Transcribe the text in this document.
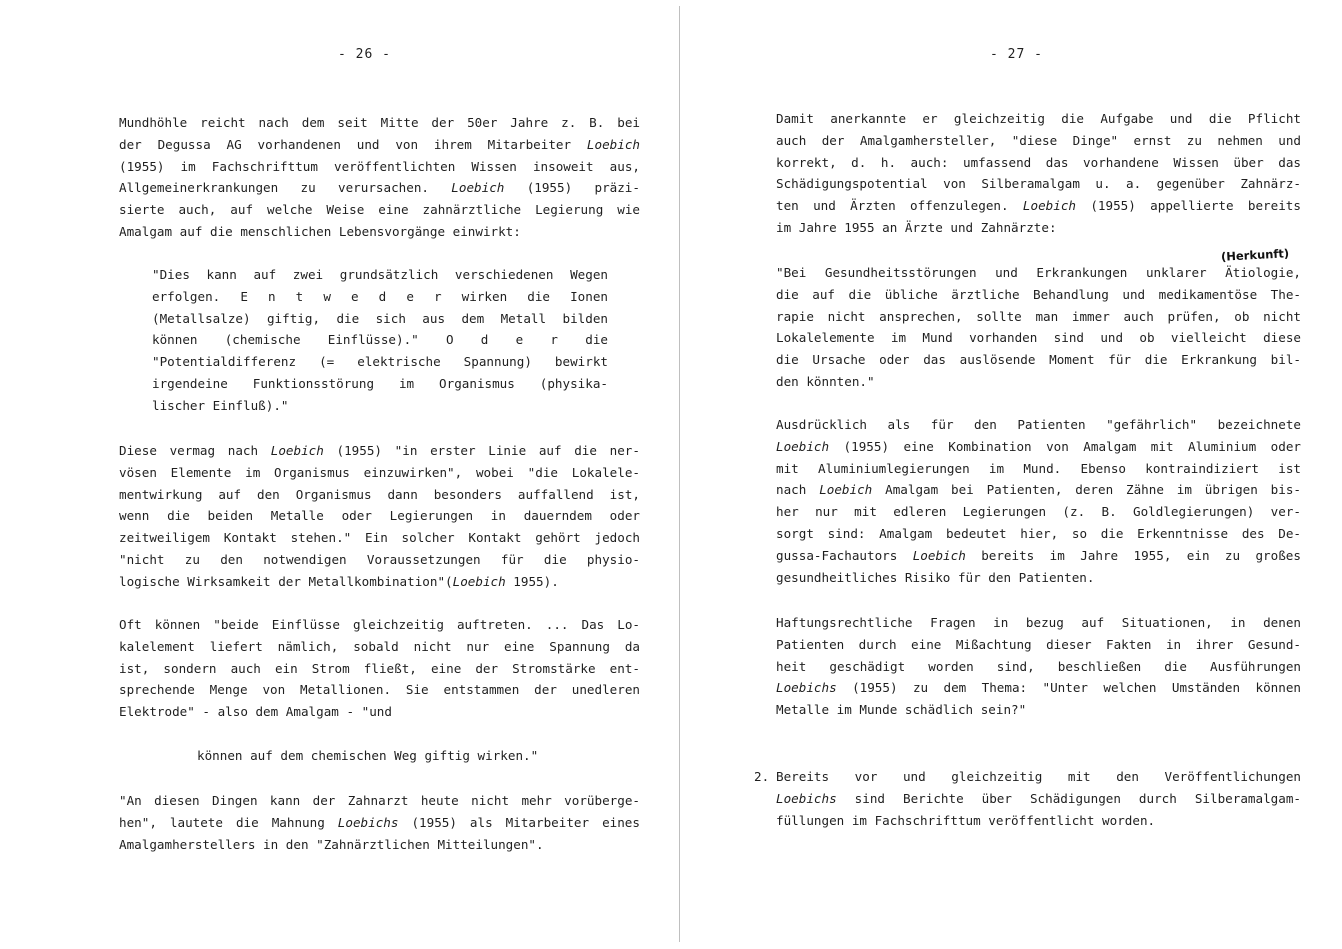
- 26 -
Mundhöhle reicht nach dem seit Mitte der 50er Jahre z. B. bei
der Degussa AG vorhandenen und von ihrem Mitarbeiter Loebich
(1955) im Fachschrifttum veröffentlichten Wissen insoweit aus,
Allgemeinerkrankungen zu verursachen. Loebich (1955) präzi-
sierte auch, auf welche Weise eine zahnärztliche Legierung wie
Amalgam auf die menschlichen Lebensvorgänge einwirkt:
"Dies kann auf zwei grundsätzlich verschiedenen Wegen
erfolgen. E n t w e d e r wirken die Ionen
(Metallsalze) giftig, die sich aus dem Metall bilden
können (chemische Einflüsse)." O d e r die
"Potentialdifferenz (= elektrische Spannung) bewirkt
irgendeine Funktionsstörung im Organismus (physika-
lischer Einfluß)."
Diese vermag nach Loebich (1955) "in erster Linie auf die ner-
vösen Elemente im Organismus einzuwirken", wobei "die Lokalele-
mentwirkung auf den Organismus dann besonders auffallend ist,
wenn die beiden Metalle oder Legierungen in dauerndem oder
zeitweiligem Kontakt stehen." Ein solcher Kontakt gehört jedoch
"nicht zu den notwendigen Voraussetzungen für die physio-
logische Wirksamkeit der Metallkombination"(Loebich 1955).
Oft können "beide Einflüsse gleichzeitig auftreten. ... Das Lo-
kalelement liefert nämlich, sobald nicht nur eine Spannung da
ist, sondern auch ein Strom fließt, eine der Stromstärke ent-
sprechende Menge von Metallionen. Sie entstammen der unedleren
Elektrode" - also dem Amalgam - "und
können auf dem chemischen Weg giftig wirken."
"An diesen Dingen kann der Zahnarzt heute nicht mehr vorüberge-
hen", lautete die Mahnung Loebichs (1955) als Mitarbeiter eines
Amalgamherstellers in den "Zahnärztlichen Mitteilungen".
- 27 -
Damit anerkannte er gleichzeitig die Aufgabe und die Pflicht
auch der Amalgamhersteller, "diese Dinge" ernst zu nehmen und
korrekt, d. h. auch: umfassend das vorhandene Wissen über das
Schädigungspotential von Silberamalgam u. a. gegenüber Zahnärz-
ten und Ärzten offenzulegen. Loebich (1955) appellierte bereits
im Jahre 1955 an Ärzte und Zahnärzte:
(Herkunft)
"Bei Gesundheitsstörungen und Erkrankungen unklarer Ätiologie,
die auf die übliche ärztliche Behandlung und medikamentöse The-
rapie nicht ansprechen, sollte man immer auch prüfen, ob nicht
Lokalelemente im Mund vorhanden sind und ob vielleicht diese
die Ursache oder das auslösende Moment für die Erkrankung bil-
den könnten."
Ausdrücklich als für den Patienten "gefährlich" bezeichnete
Loebich (1955) eine Kombination von Amalgam mit Aluminium oder
mit Aluminiumlegierungen im Mund. Ebenso kontraindiziert ist
nach Loebich Amalgam bei Patienten, deren Zähne im übrigen bis-
her nur mit edleren Legierungen (z. B. Goldlegierungen) ver-
sorgt sind: Amalgam bedeutet hier, so die Erkenntnisse des De-
gussa-Fachautors Loebich bereits im Jahre 1955, ein zu großes
gesundheitliches Risiko für den Patienten.
Haftungsrechtliche Fragen in bezug auf Situationen, in denen
Patienten durch eine Mißachtung dieser Fakten in ihrer Gesund-
heit geschädigt worden sind, beschließen die Ausführungen
Loebichs (1955) zu dem Thema: "Unter welchen Umständen können
Metalle im Munde schädlich sein?"
2. Bereits vor und gleichzeitig mit den Veröffentlichungen
Loebichs sind Berichte über Schädigungen durch Silberamalgam-
füllungen im Fachschrifttum veröffentlicht worden.
